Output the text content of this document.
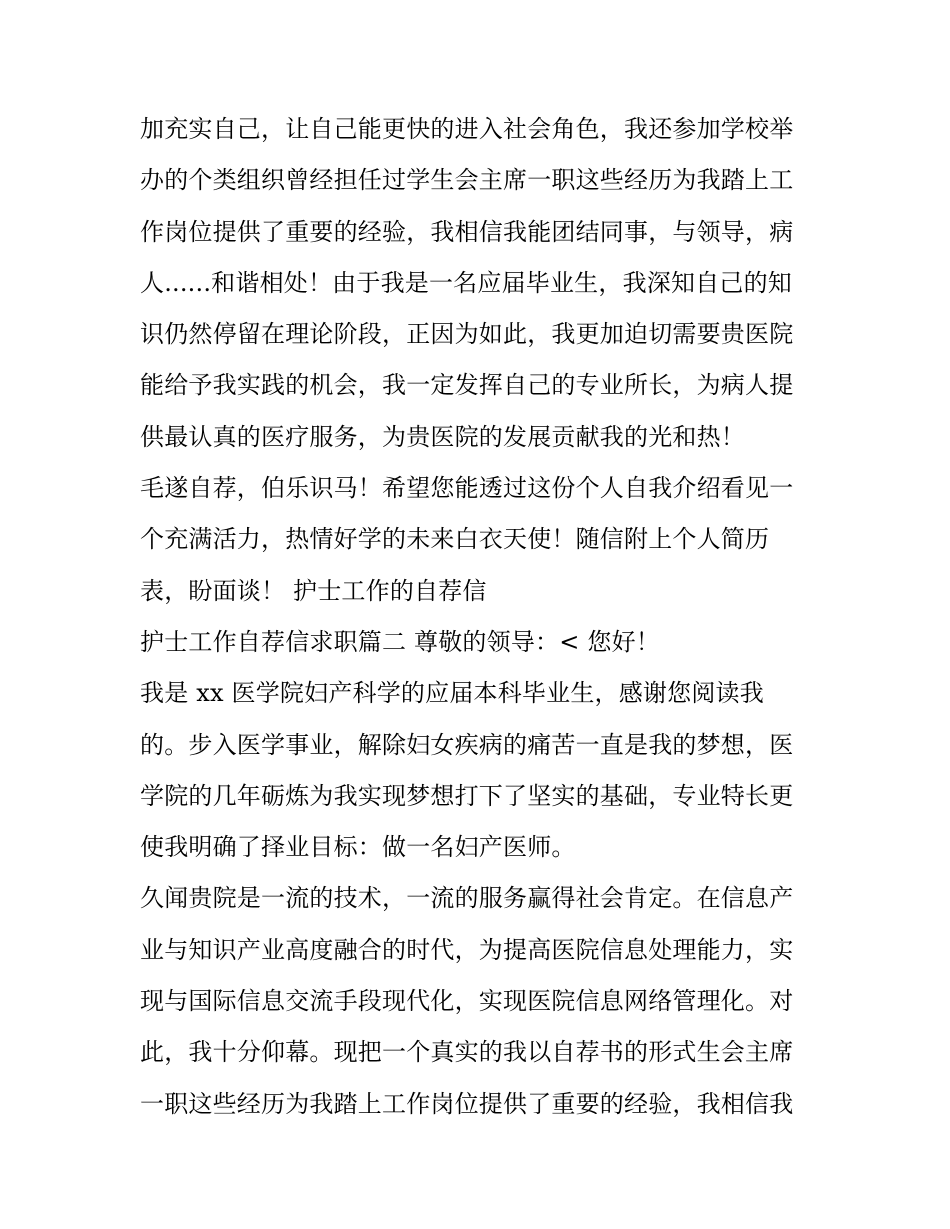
加充实自己，让自己能更快的进入社会角色，我还参加学校举
办的个类组织曾经担任过学生会主席一职这些经历为我踏上工
作岗位提供了重要的经验，我相信我能团结同事，与领导，病
人......和谐相处！由于我是一名应届毕业生，我深知自己的知
识仍然停留在理论阶段，正因为如此，我更加迫切需要贵医院
能给予我实践的机会，我一定发挥自己的专业所长，为病人提
供最认真的医疗服务，为贵医院的发展贡献我的光和热！
毛遂自荐，伯乐识马！希望您能透过这份个人自我介绍看见一
个充满活力，热情好学的未来白衣天使！随信附上个人简历
表，盼面谈！ 护士工作的自荐信
护士工作自荐信求职篇二 尊敬的领导：< 您好！
我是 xx 医学院妇产科学的应届本科毕业生，感谢您阅读我
的。步入医学事业，解除妇女疾病的痛苦一直是我的梦想，医
学院的几年砺炼为我实现梦想打下了坚实的基础，专业特长更
使我明确了择业目标：做一名妇产医师。
久闻贵院是一流的技术，一流的服务赢得社会肯定。在信息产
业与知识产业高度融合的时代，为提高医院信息处理能力，实
现与国际信息交流手段现代化，实现医院信息网络管理化。对
此，我十分仰幕。现把一个真实的我以自荐书的形式生会主席
一职这些经历为我踏上工作岗位提供了重要的经验，我相信我
